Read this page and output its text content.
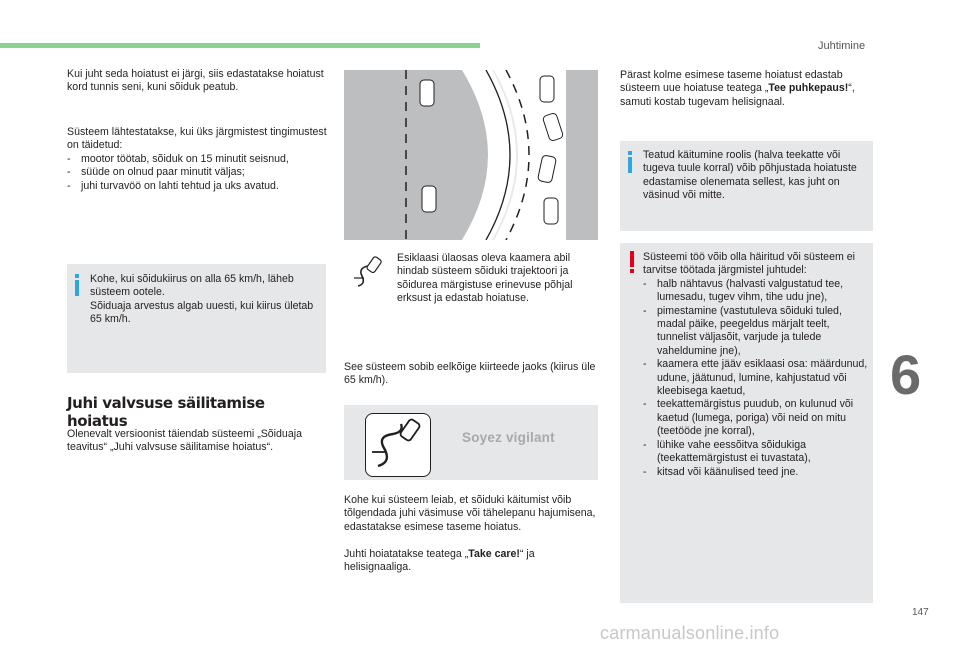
Juhtimine
6
147
carmanualsonline.info

Kui juht seda hoiatust ei järgi, siis edastatakse hoiatust kord tunnis seni, kuni sõiduk peatub.

Süsteem lähtestatakse, kui üks järgmistest tingimustest on täidetud:

- mootor töötab, sõiduk on 15 minutit seisnud,
- süüde on olnud paar minutit väljas;
- juhi turvavöö on lahti tehtud ja uks avatud.

Kohe, kui sõidukiirus on alla 65 km/h, läheb süsteem ootele.

Sõiduaja arvestus algab uuesti, kui kiirus ületab 65 km/h.

Juhi valvsuse säilitamise hoiatus

Olenevalt versioonist täiendab süsteemi „Sõiduaja teavitus“ „Juhi valvsuse säilitamise hoiatus“.

Esiklaasi ülaosas oleva kaamera abil hindab süsteem sõiduki trajektoori ja sõidurea märgistuse erinevuse põhjal erksust ja edastab hoiatuse.

See süsteem sobib eelkõige kiirteede jaoks (kiirus üle 65 km/h).

Soyez vigilant

Kohe kui süsteem leiab, et sõiduki käitumist võib tõlgendada juhi väsimuse või tähelepanu hajumisena, edastatakse esimese taseme hoiatus.

Juhti hoiatatakse teatega „Take care!“ ja helisignaaliga.

Pärast kolme esimese taseme hoiatust edastab süsteem uue hoiatuse teatega „Tee puhkepaus!“, samuti kostab tugevam helisignaal.

Teatud käitumine roolis (halva teekatte või tugeva tuule korral) võib põhjustada hoiatuste edastamise olenemata sellest, kas juht on väsinud või mitte.

Süsteemi töö võib olla häiritud või süsteem ei tarvitse töötada järgmistel juhtudel:

- halb nähtavus (halvasti valgustatud tee, lumesadu, tugev vihm, tihe udu jne),
- pimestamine (vastutuleva sõiduki tuled, madal päike, peegeldus märjalt teelt, tunnelist väljasõit, varjude ja tulede vaheldumine jne),
- kaamera ette jääv esiklaasi osa: määrdunud, udune, jäätunud, lumine, kahjustatud või kleebisega kaetud,
- teekattemärgistus puudub, on kulunud või kaetud (lumega, poriga) või neid on mitu (teetööde jne korral),
- lühike vahe eessõitva sõidukiga (teekattemärgistust ei tuvastata),
- kitsad või käänulised teed jne.
